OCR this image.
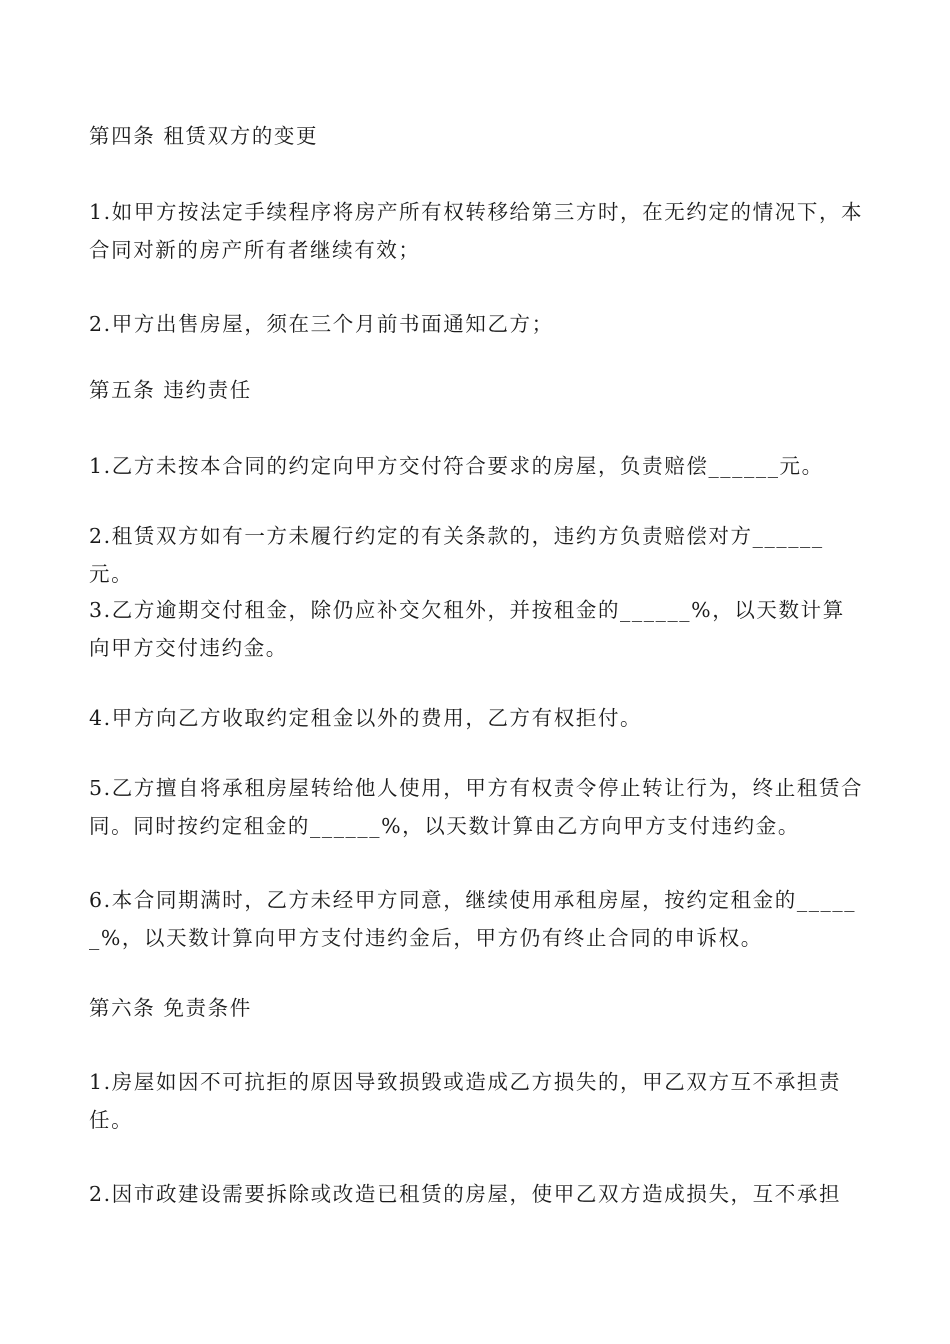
第四条 租赁双方的变更

1.如甲方按法定手续程序将房产所有权转移给第三方时，在无约定的情况下，本合同对新的房产所有者继续有效；

2.甲方出售房屋，须在三个月前书面通知乙方；

第五条 违约责任

1.乙方未按本合同的约定向甲方交付符合要求的房屋，负责赔偿______元。

2.租赁双方如有一方未履行约定的有关条款的，违约方负责赔偿对方______元。

3.乙方逾期交付租金，除仍应补交欠租外，并按租金的______%，以天数计算向甲方交付违约金。

4.甲方向乙方收取约定租金以外的费用，乙方有权拒付。

5.乙方擅自将承租房屋转给他人使用，甲方有权责令停止转让行为，终止租赁合同。同时按约定租金的______%，以天数计算由乙方向甲方支付违约金。

6.本合同期满时，乙方未经甲方同意，继续使用承租房屋，按约定租金的______%，以天数计算向甲方支付违约金后，甲方仍有终止合同的申诉权。

第六条 免责条件

1.房屋如因不可抗拒的原因导致损毁或造成乙方损失的，甲乙双方互不承担责任。

2.因市政建设需要拆除或改造已租赁的房屋，使甲乙双方造成损失，互不承担
